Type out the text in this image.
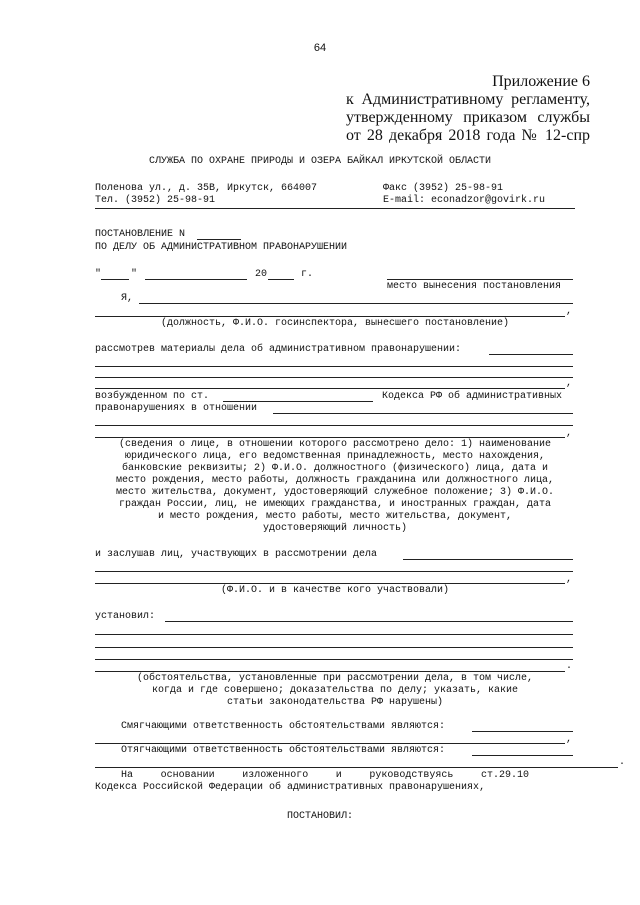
64
Приложение 6
к Административному регламенту,
утвержденному приказом службы
от 28 декабря 2018 года № 12-спр
СЛУЖБА ПО ОХРАНЕ ПРИРОДЫ И ОЗЕРА БАЙКАЛ ИРКУТСКОЙ ОБЛАСТИ
Поленова ул., д. 35В, Иркутск, 664007
Тел. (3952) 25-98-91
Факс (3952) 25-98-91
E-mail: econadzor@govirk.ru
ПОСТАНОВЛЕНИЕ N
ПО ДЕЛУ ОБ АДМИНИСТРАТИВНОМ ПРАВОНАРУШЕНИИ
"	"	20	г.
место вынесения постановления
Я,
,
(должность, Ф.И.О. госинспектора, вынесшего постановление)
рассмотрев материалы дела об административном правонарушении:
,
возбужденном по ст.	Кодекса РФ об административных
правонарушениях в отношении
,
(сведения о лице, в отношении которого рассмотрено дело: 1) наименование
юридического лица, его ведомственная принадлежность, место нахождения,
банковские реквизиты; 2) Ф.И.О. должностного (физического) лица, дата и
место рождения, место работы, должность гражданина или должностного лица,
место жительства, документ, удостоверяющий служебное положение; 3) Ф.И.О.
граждан России, лиц, не имеющих гражданства, и иностранных граждан, дата
и место рождения, место работы, место жительства, документ,
удостоверяющий личность)
и заслушав лиц, участвующих в рассмотрении дела
,
(Ф.И.О. и в качестве кого участвовали)
установил:
.
(обстоятельства, установленные при рассмотрении дела, в том числе,
когда и где совершено; доказательства по делу; указать, какие
статьи законодательства РФ нарушены)
Смягчающими ответственность обстоятельствами являются:
,
Отягчающими ответственность обстоятельствами являются:
.
На основании изложенного и руководствуясь ст.29.10
Кодекса Российской Федерации об административных правонарушениях,
ПОСТАНОВИЛ:
